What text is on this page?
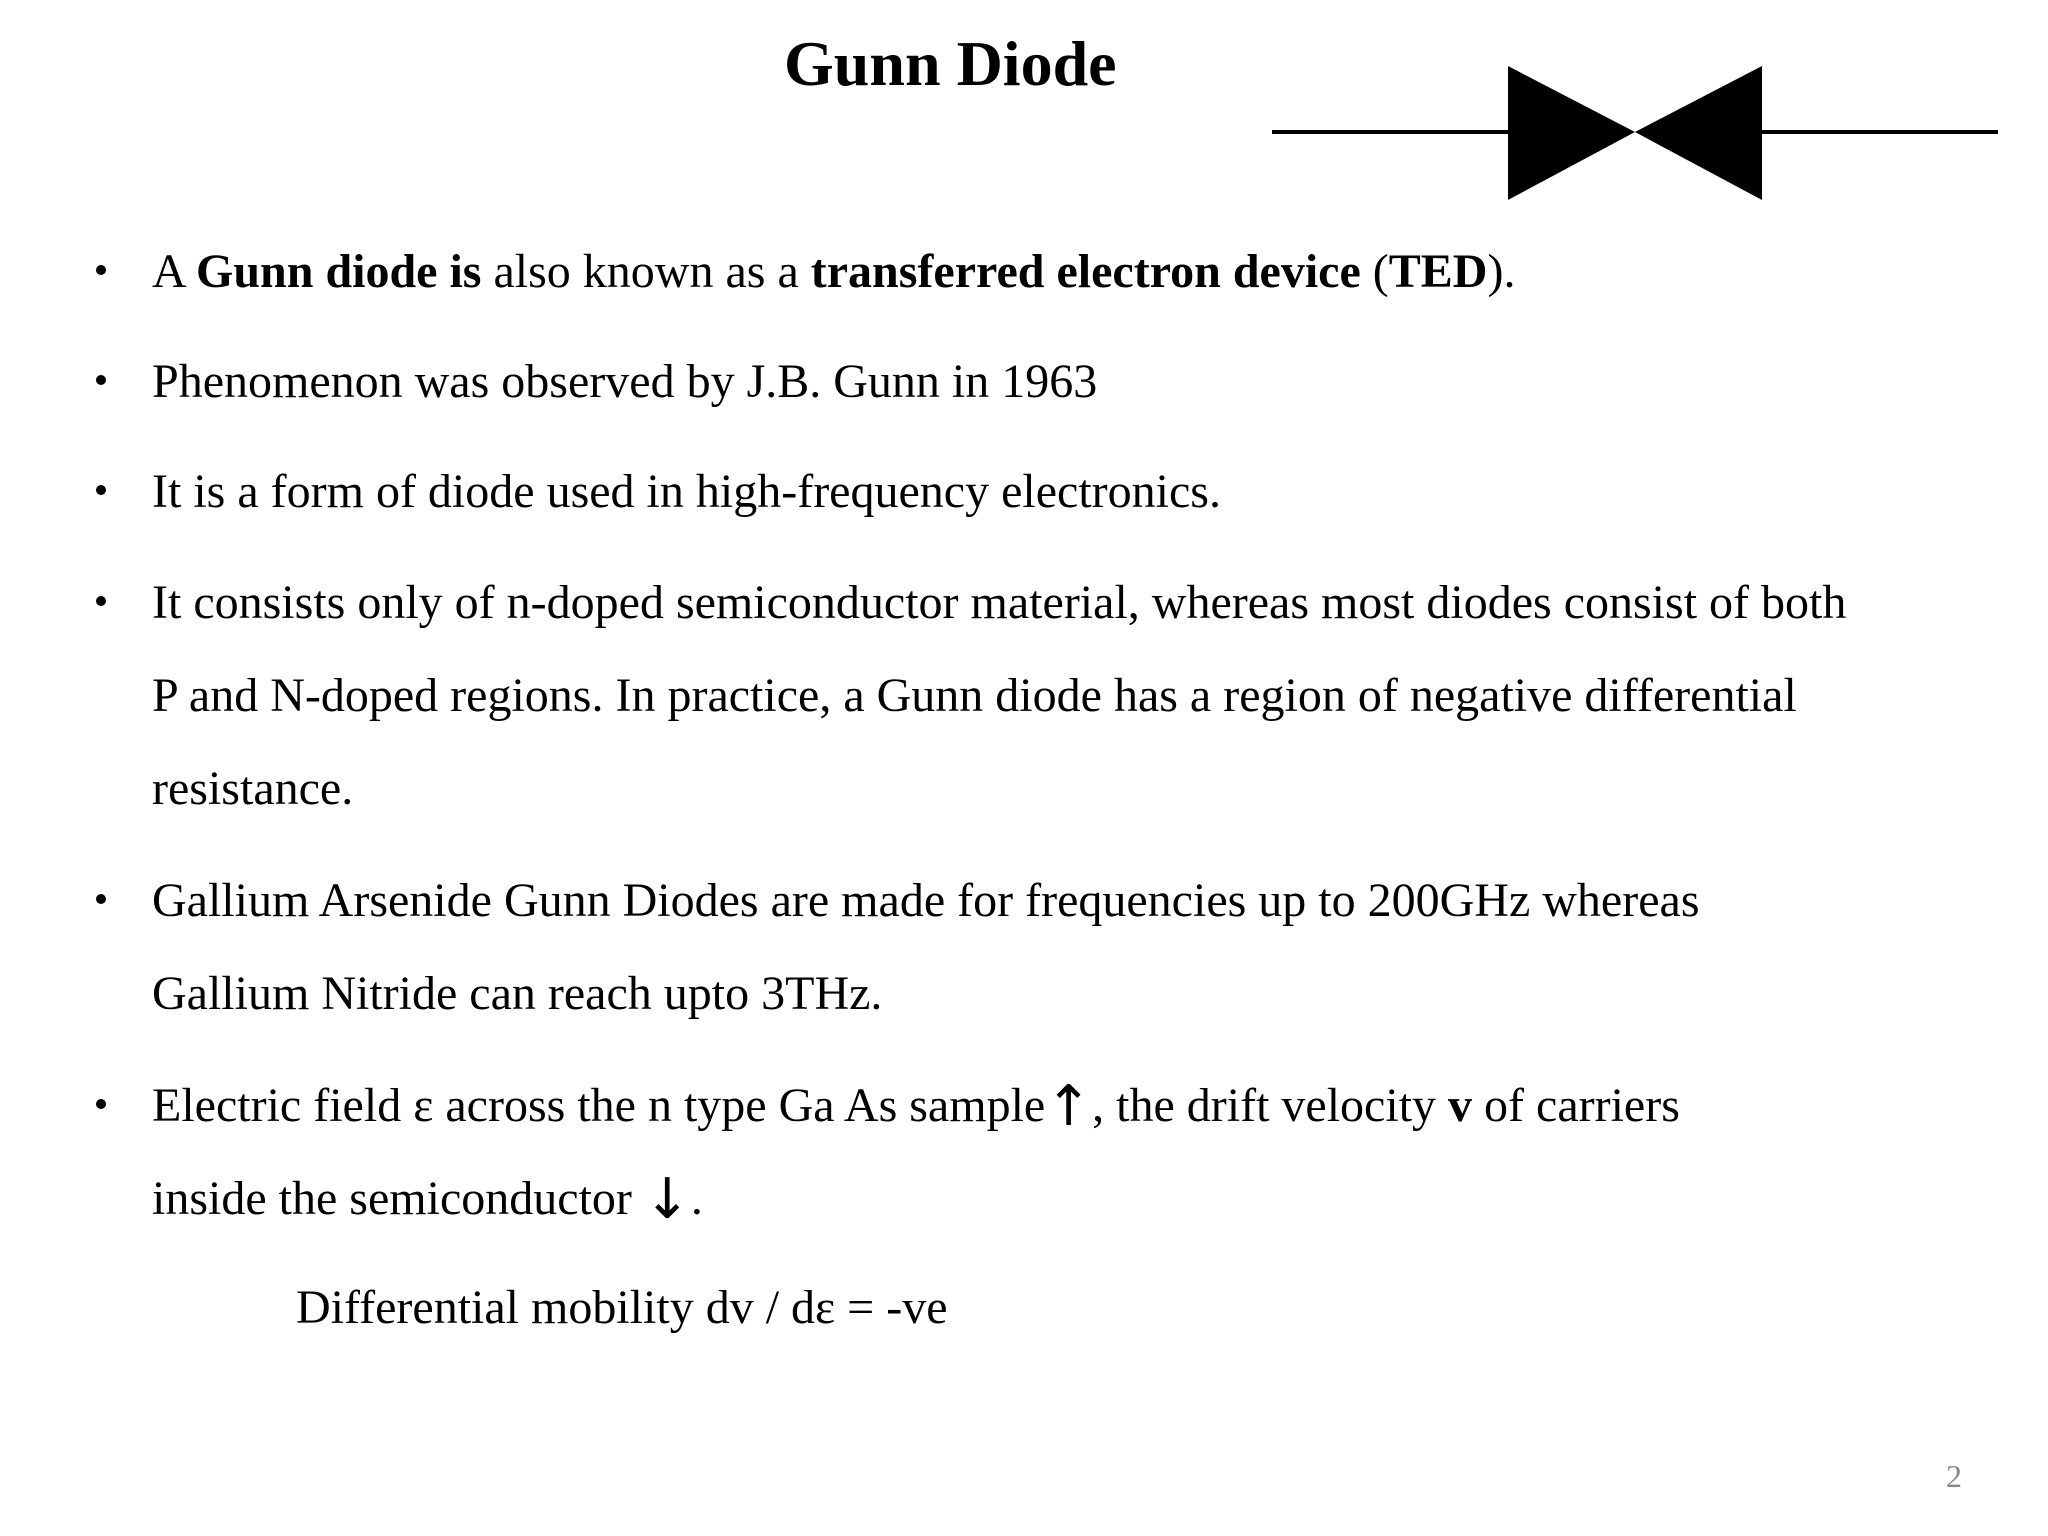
Gunn Diode
A Gunn diode is also known as a transferred electron device (TED).
Phenomenon was observed by J.B. Gunn in 1963
It is a form of diode used in high-frequency electronics.
It consists only of n-doped semiconductor material, whereas most diodes consist of both
P and N-doped regions. In practice, a Gunn diode has a region of negative differential
resistance.
Gallium Arsenide Gunn Diodes are made for frequencies up to 200GHz whereas
Gallium Nitride can reach upto 3THz.
Electric field ε across the n type Ga As sample↑, the drift velocity v of carriers
inside the semiconductor ↓.
Differential mobility dv / dε = -ve
2
